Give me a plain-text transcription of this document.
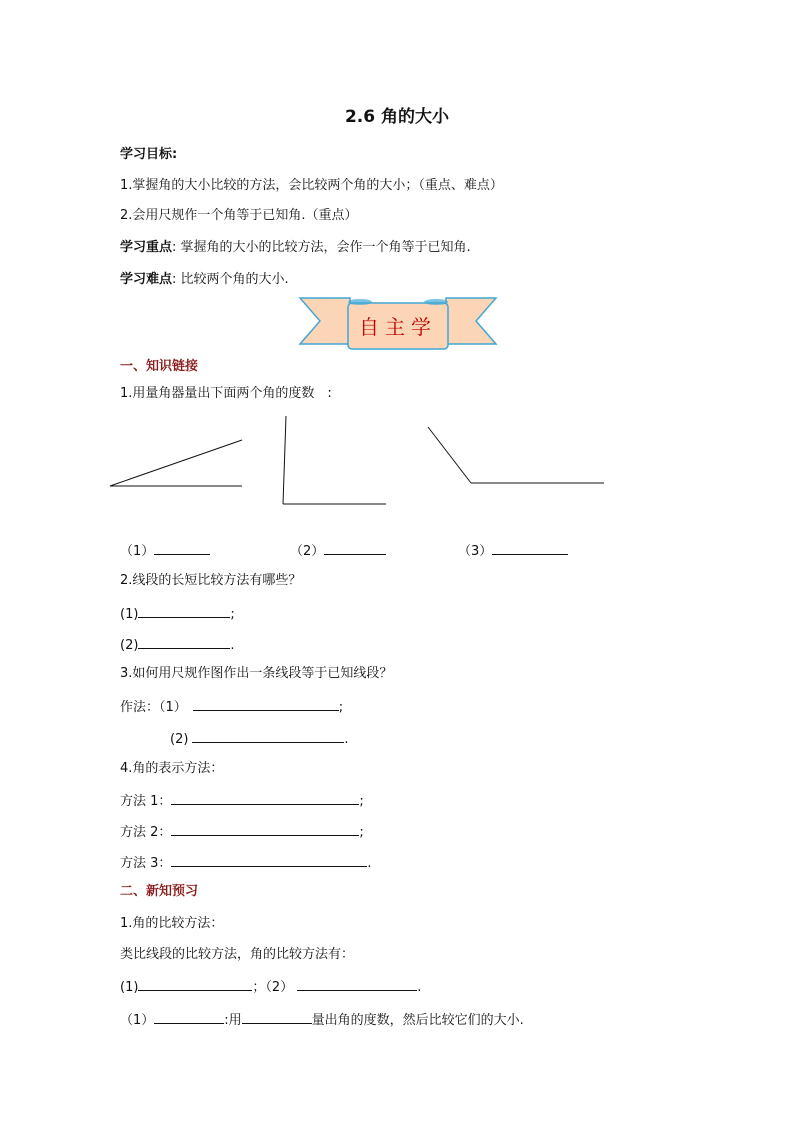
2.6 角的大小
学习目标:
1.掌握角的大小比较的方法，会比较两个角的大小；（重点、难点）
2.会用尺规作一个角等于已知角.（重点）
学习重点: 掌握角的大小的比较方法，会作一个角等于已知角.
学习难点: 比较两个角的大小.
自主学
一、知识链接
1.用量角器量出下面两个角的度数　:
（1）	（2）	（3）
2.线段的长短比较方法有哪些？
(1)	;
(2)	.
3.如何用尺规作图作出一条线段等于已知线段？
作法：（1）	;
(2)	.
4.角的表示方法：
方法 1：	;
方法 2：	;
方法 3：	.
二、新知预习
1.角的比较方法：
类比线段的比较方法，角的比较方法有：
(1)	；（2）	.
（1）	:用	量出角的度数，然后比较它们的大小.
